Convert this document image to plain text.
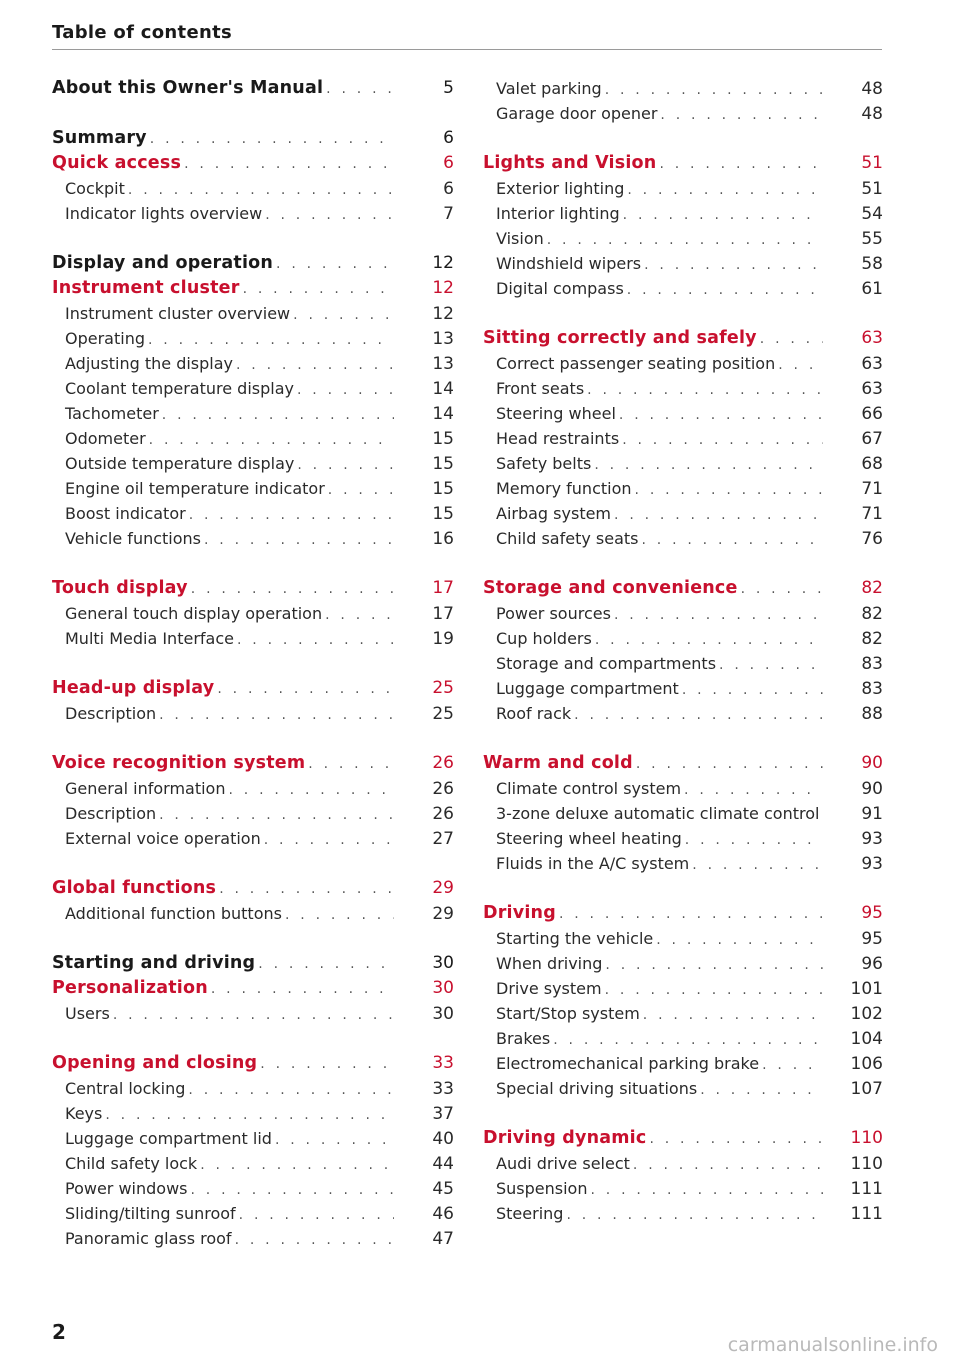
Table of contents
About this Owner's Manual . . .	5
Summary . . .	6
Quick access . . .	6
Cockpit . . .	6
Indicator lights overview . . .	7
Display and operation . . .	12
Instrument cluster . . .	12
Instrument cluster overview . . .	12
Operating . . .	13
Adjusting the display . . .	13
Coolant temperature display . . .	14
Tachometer . . .	14
Odometer . . .	15
Outside temperature display . . .	15
Engine oil temperature indicator . . .	15
Boost indicator . . .	15
Vehicle functions . . .	16
Touch display . . .	17
General touch display operation . . .	17
Multi Media Interface . . .	19
Head-up display . . .	25
Description . . .	25
Voice recognition system . . .	26
General information . . .	26
Description . . .	26
External voice operation . . .	27
Global functions . . .	29
Additional function buttons . . .	29
Starting and driving . . .	30
Personalization . . .	30
Users . . .	30
Opening and closing . . .	33
Central locking . . .	33
Keys . . .	37
Luggage compartment lid . . .	40
Child safety lock . . .	44
Power windows . . .	45
Sliding/tilting sunroof . . .	46
Panoramic glass roof . . .	47
Valet parking . . .	48
Garage door opener . . .	48
Lights and Vision . . .	51
Exterior lighting . . .	51
Interior lighting . . .	54
Vision . . .	55
Windshield wipers . . .	58
Digital compass . . .	61
Sitting correctly and safely . . .	63
Correct passenger seating position . . .	63
Front seats . . .	63
Steering wheel . . .	66
Head restraints . . .	67
Safety belts . . .	68
Memory function . . .	71
Airbag system . . .	71
Child safety seats . . .	76
Storage and convenience . . .	82
Power sources . . .	82
Cup holders . . .	82
Storage and compartments . . .	83
Luggage compartment . . .	83
Roof rack . . .	88
Warm and cold . . .	90
Climate control system . . .	90
3-zone deluxe automatic climate control . . .	91
Steering wheel heating . . .	93
Fluids in the A/C system . . .	93
Driving . . .	95
Starting the vehicle . . .	95
When driving . . .	96
Drive system . . .	101
Start/Stop system . . .	102
Brakes . . .	104
Electromechanical parking brake . . .	106
Special driving situations . . .	107
Driving dynamic . . .	110
Audi drive select . . .	110
Suspension . . .	111
Steering . . .	111
2
carmanualsonline.info
